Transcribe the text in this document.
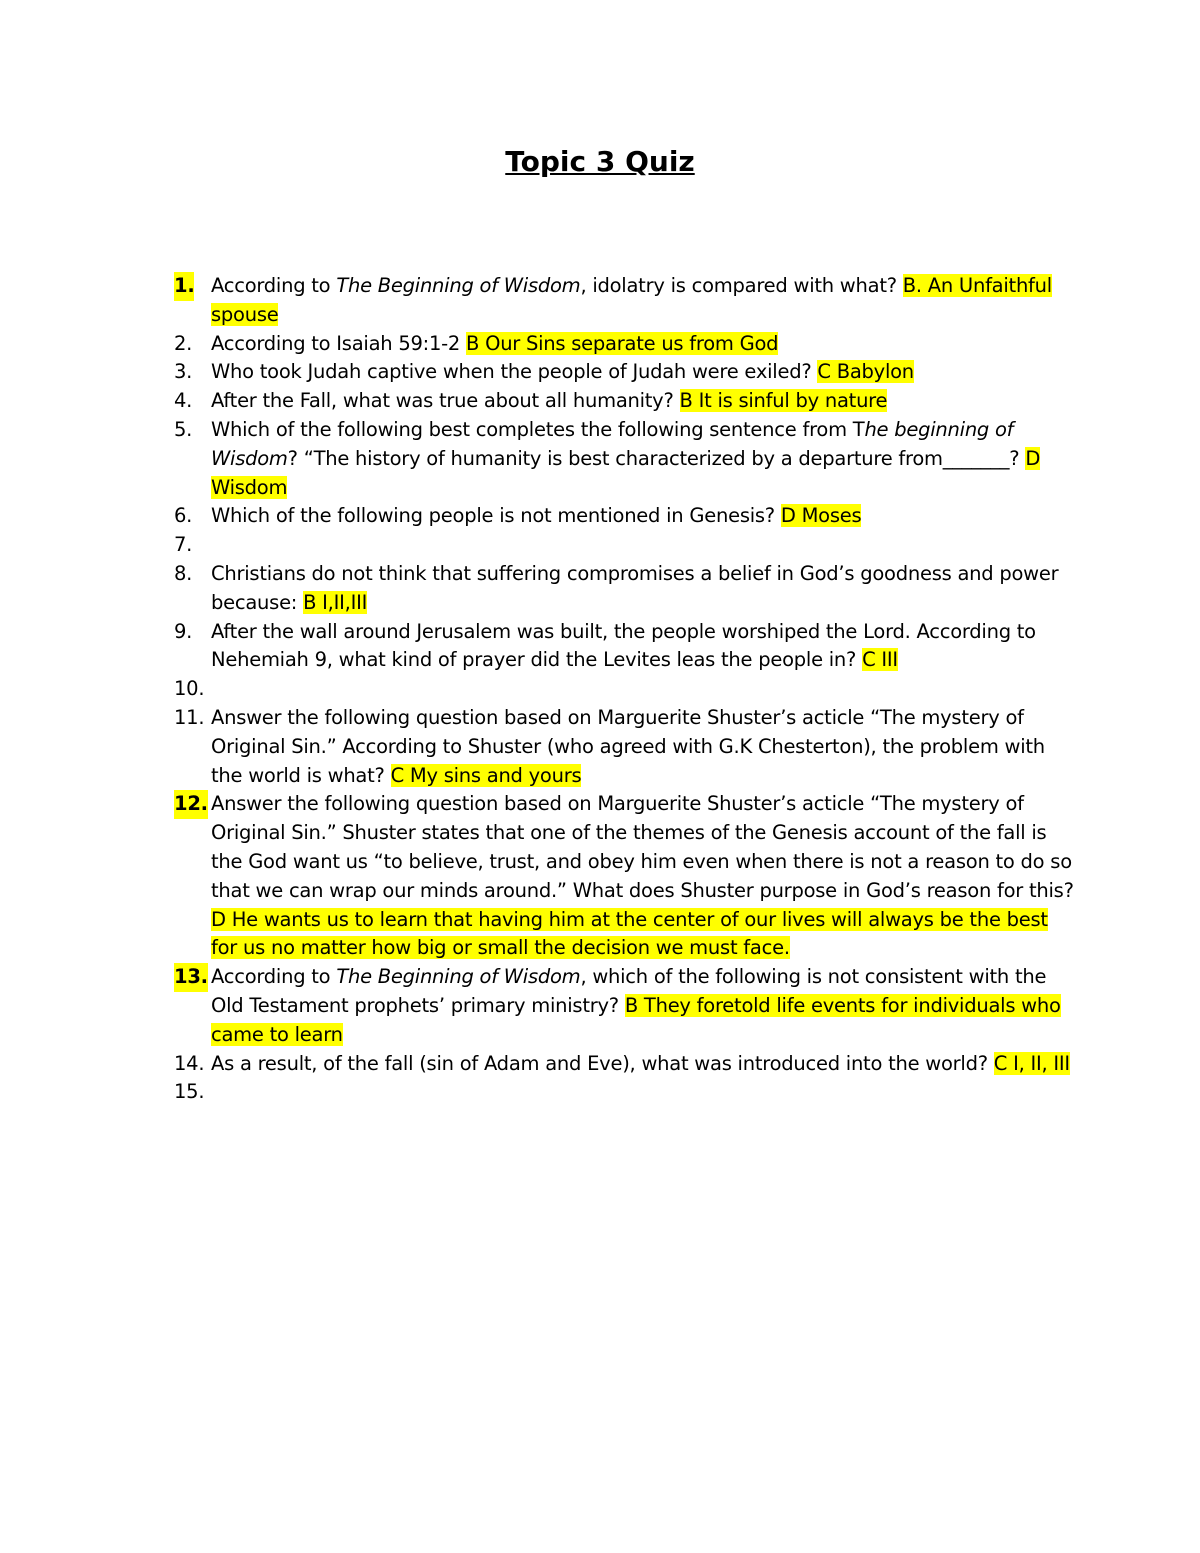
Topic 3 Quiz
1. According to The Beginning of Wisdom, idolatry is compared with what? B. An Unfaithful spouse
2. According to Isaiah 59:1-2 B Our Sins separate us from God
3. Who took Judah captive when the people of Judah were exiled? C Babylon
4. After the Fall, what was true about all humanity? B It is sinful by nature
5. Which of the following best completes the following sentence from The beginning of Wisdom? “The history of humanity is best characterized by a departure from_______? D Wisdom
6. Which of the following people is not mentioned in Genesis? D Moses
7.
8. Christians do not think that suffering compromises a belief in God’s goodness and power because: B I,II,III
9. After the wall around Jerusalem was built, the people worshiped the Lord. According to Nehemiah 9, what kind of prayer did the Levites leas the people in? C III
10.
11. Answer the following question based on Marguerite Shuster’s acticle “The mystery of Original Sin.” According to Shuster (who agreed with G.K Chesterton), the problem with the world is what? C My sins and yours
12. Answer the following question based on Marguerite Shuster’s acticle “The mystery of Original Sin.” Shuster states that one of the themes of the Genesis account of the fall is the God want us “to believe, trust, and obey him even when there is not a reason to do so that we can wrap our minds around.” What does Shuster purpose in God’s reason for this? D He wants us to learn that having him at the center of our lives will always be the best for us no matter how big or small the decision we must face.
13. According to The Beginning of Wisdom, which of the following is not consistent with the Old Testament prophets’ primary ministry? B They foretold life events for individuals who came to learn
14. As a result, of the fall (sin of Adam and Eve), what was introduced into the world? C I, II, III
15.
